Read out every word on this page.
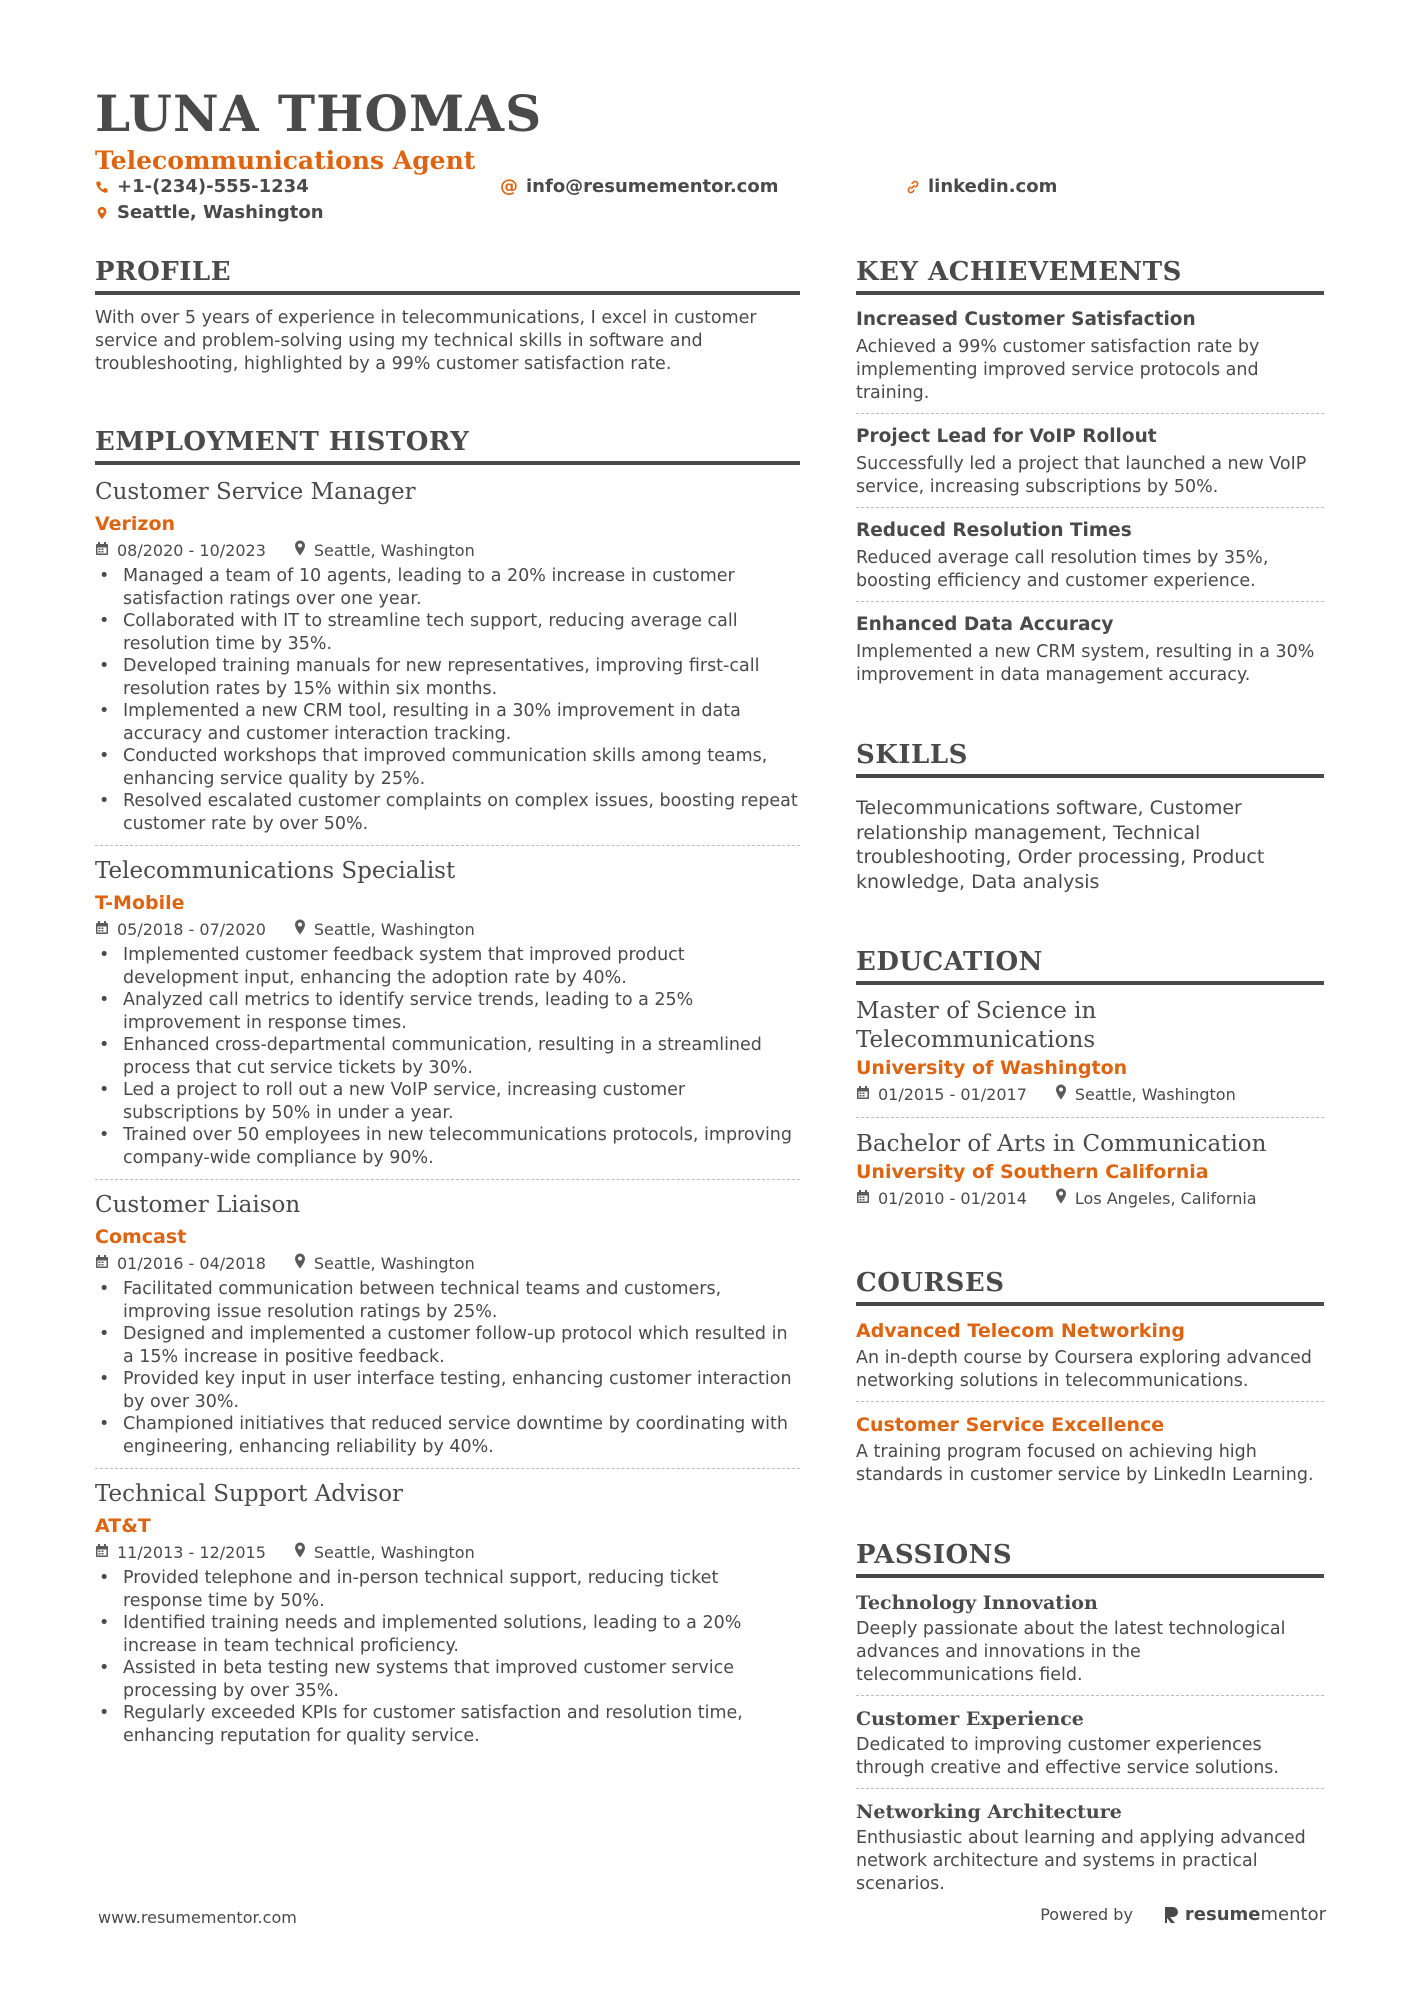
LUNA THOMAS
Telecommunications Agent
+1-(234)-555-1234	@ info@resumementor.com	linkedin.com
Seattle, Washington
PROFILE
With over 5 years of experience in telecommunications, I excel in customer service and problem-solving using my technical skills in software and troubleshooting, highlighted by a 99% customer satisfaction rate.
EMPLOYMENT HISTORY
Customer Service Manager
Verizon
08/2020 - 10/2023	Seattle, Washington
• Managed a team of 10 agents, leading to a 20% increase in customer satisfaction ratings over one year.
• Collaborated with IT to streamline tech support, reducing average call resolution time by 35%.
• Developed training manuals for new representatives, improving first-call resolution rates by 15% within six months.
• Implemented a new CRM tool, resulting in a 30% improvement in data accuracy and customer interaction tracking.
• Conducted workshops that improved communication skills among teams, enhancing service quality by 25%.
• Resolved escalated customer complaints on complex issues, boosting repeat customer rate by over 50%.
Telecommunications Specialist
T-Mobile
05/2018 - 07/2020	Seattle, Washington
• Implemented customer feedback system that improved product development input, enhancing the adoption rate by 40%.
• Analyzed call metrics to identify service trends, leading to a 25% improvement in response times.
• Enhanced cross-departmental communication, resulting in a streamlined process that cut service tickets by 30%.
• Led a project to roll out a new VoIP service, increasing customer subscriptions by 50% in under a year.
• Trained over 50 employees in new telecommunications protocols, improving company-wide compliance by 90%.
Customer Liaison
Comcast
01/2016 - 04/2018	Seattle, Washington
• Facilitated communication between technical teams and customers, improving issue resolution ratings by 25%.
• Designed and implemented a customer follow-up protocol which resulted in a 15% increase in positive feedback.
• Provided key input in user interface testing, enhancing customer interaction by over 30%.
• Championed initiatives that reduced service downtime by coordinating with engineering, enhancing reliability by 40%.
Technical Support Advisor
AT&T
11/2013 - 12/2015	Seattle, Washington
• Provided telephone and in-person technical support, reducing ticket response time by 50%.
• Identified training needs and implemented solutions, leading to a 20% increase in team technical proficiency.
• Assisted in beta testing new systems that improved customer service processing by over 35%.
• Regularly exceeded KPIs for customer satisfaction and resolution time, enhancing reputation for quality service.
KEY ACHIEVEMENTS
Increased Customer Satisfaction
Achieved a 99% customer satisfaction rate by implementing improved service protocols and training.
Project Lead for VoIP Rollout
Successfully led a project that launched a new VoIP service, increasing subscriptions by 50%.
Reduced Resolution Times
Reduced average call resolution times by 35%, boosting efficiency and customer experience.
Enhanced Data Accuracy
Implemented a new CRM system, resulting in a 30% improvement in data management accuracy.
SKILLS
Telecommunications software, Customer relationship management, Technical troubleshooting, Order processing, Product knowledge, Data analysis
EDUCATION
Master of Science in Telecommunications
University of Washington
01/2015 - 01/2017	Seattle, Washington
Bachelor of Arts in Communication
University of Southern California
01/2010 - 01/2014	Los Angeles, California
COURSES
Advanced Telecom Networking
An in-depth course by Coursera exploring advanced networking solutions in telecommunications.
Customer Service Excellence
A training program focused on achieving high standards in customer service by LinkedIn Learning.
PASSIONS
Technology Innovation
Deeply passionate about the latest technological advances and innovations in the telecommunications field.
Customer Experience
Dedicated to improving customer experiences through creative and effective service solutions.
Networking Architecture
Enthusiastic about learning and applying advanced network architecture and systems in practical scenarios.
www.resumementor.com	Powered by	resume mentor
